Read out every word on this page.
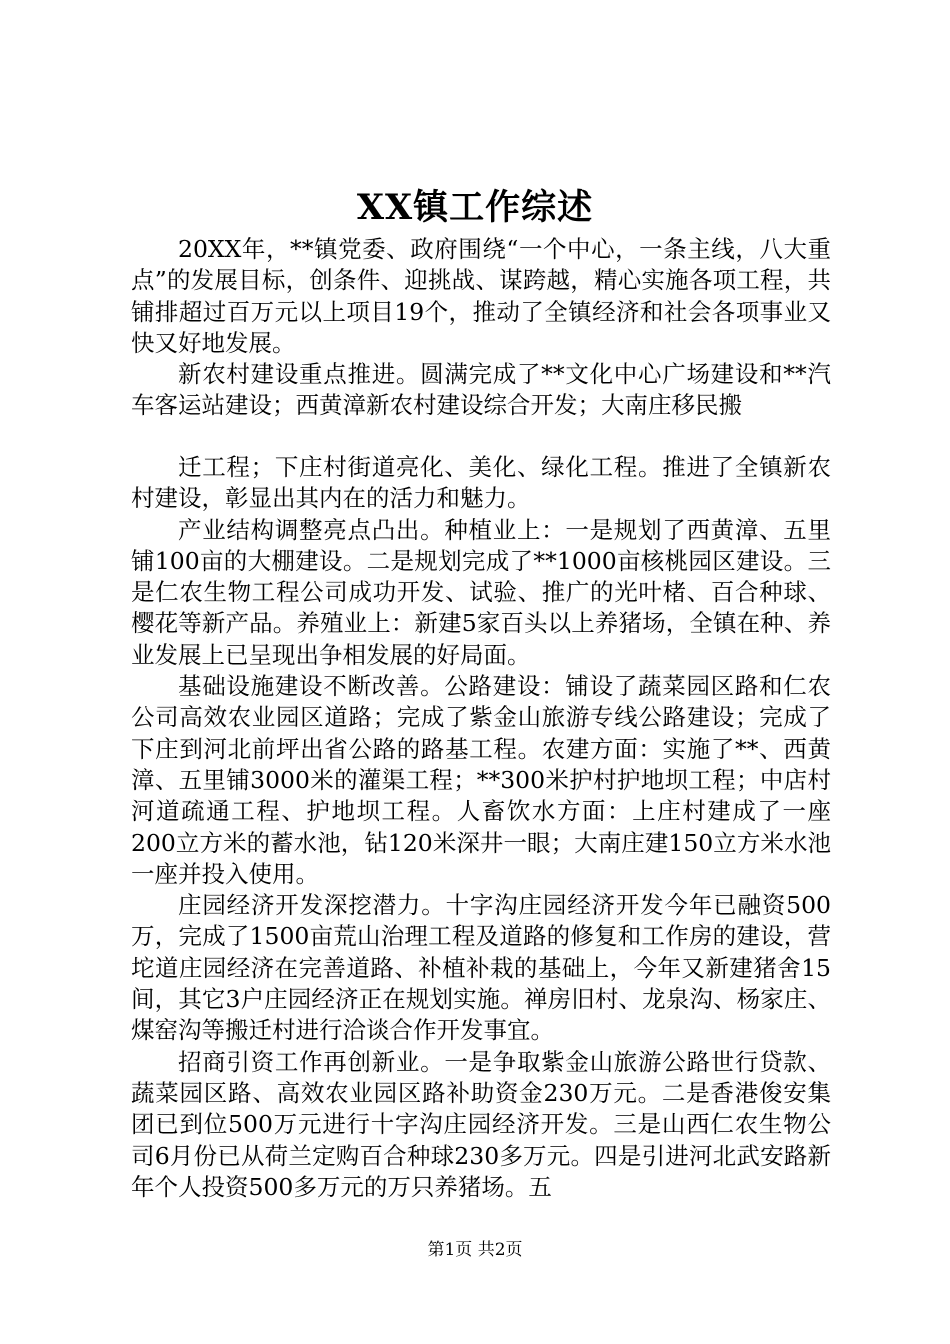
XX镇工作综述

20XX年，**镇党委、政府围绕“一个中心，一条主线，八大重点”的发展目标，创条件、迎挑战、谋跨越，精心实施各项工程，共铺排超过百万元以上项目19个，推动了全镇经济和社会各项事业又快又好地发展。

新农村建设重点推进。圆满完成了**文化中心广场建设和**汽车客运站建设；西黄漳新农村建设综合开发；大南庄移民搬

迁工程；下庄村街道亮化、美化、绿化工程。推进了全镇新农村建设，彰显出其内在的活力和魅力。

产业结构调整亮点凸出。种植业上：一是规划了西黄漳、五里铺100亩的大棚建设。二是规划完成了**1000亩核桃园区建设。三是仁农生物工程公司成功开发、试验、推广的光叶楮、百合种球、樱花等新产品。养殖业上：新建5家百头以上养猪场，全镇在种、养业发展上已呈现出争相发展的好局面。

基础设施建设不断改善。公路建设：铺设了蔬菜园区路和仁农公司高效农业园区道路；完成了紫金山旅游专线公路建设；完成了下庄到河北前坪出省公路的路基工程。农建方面：实施了**、西黄漳、五里铺3000米的灌渠工程；**300米护村护地坝工程；中店村河道疏通工程、护地坝工程。人畜饮水方面：上庄村建成了一座200立方米的蓄水池，钻120米深井一眼；大南庄建150立方米水池一座并投入使用。

庄园经济开发深挖潜力。十字沟庄园经济开发今年已融资500万，完成了1500亩荒山治理工程及道路的修复和工作房的建设，营坨道庄园经济在完善道路、补植补栽的基础上，今年又新建猪舍15间，其它3户庄园经济正在规划实施。禅房旧村、龙泉沟、杨家庄、煤窑沟等搬迁村进行洽谈合作开发事宜。

招商引资工作再创新业。一是争取紫金山旅游公路世行贷款、蔬菜园区路、高效农业园区路补助资金230万元。二是香港俊安集团已到位500万元进行十字沟庄园经济开发。三是山西仁农生物公司6月份已从荷兰定购百合种球230多万元。四是引进河北武安路新年个人投资500多万元的万只养猪场。五

第1页 共2页
